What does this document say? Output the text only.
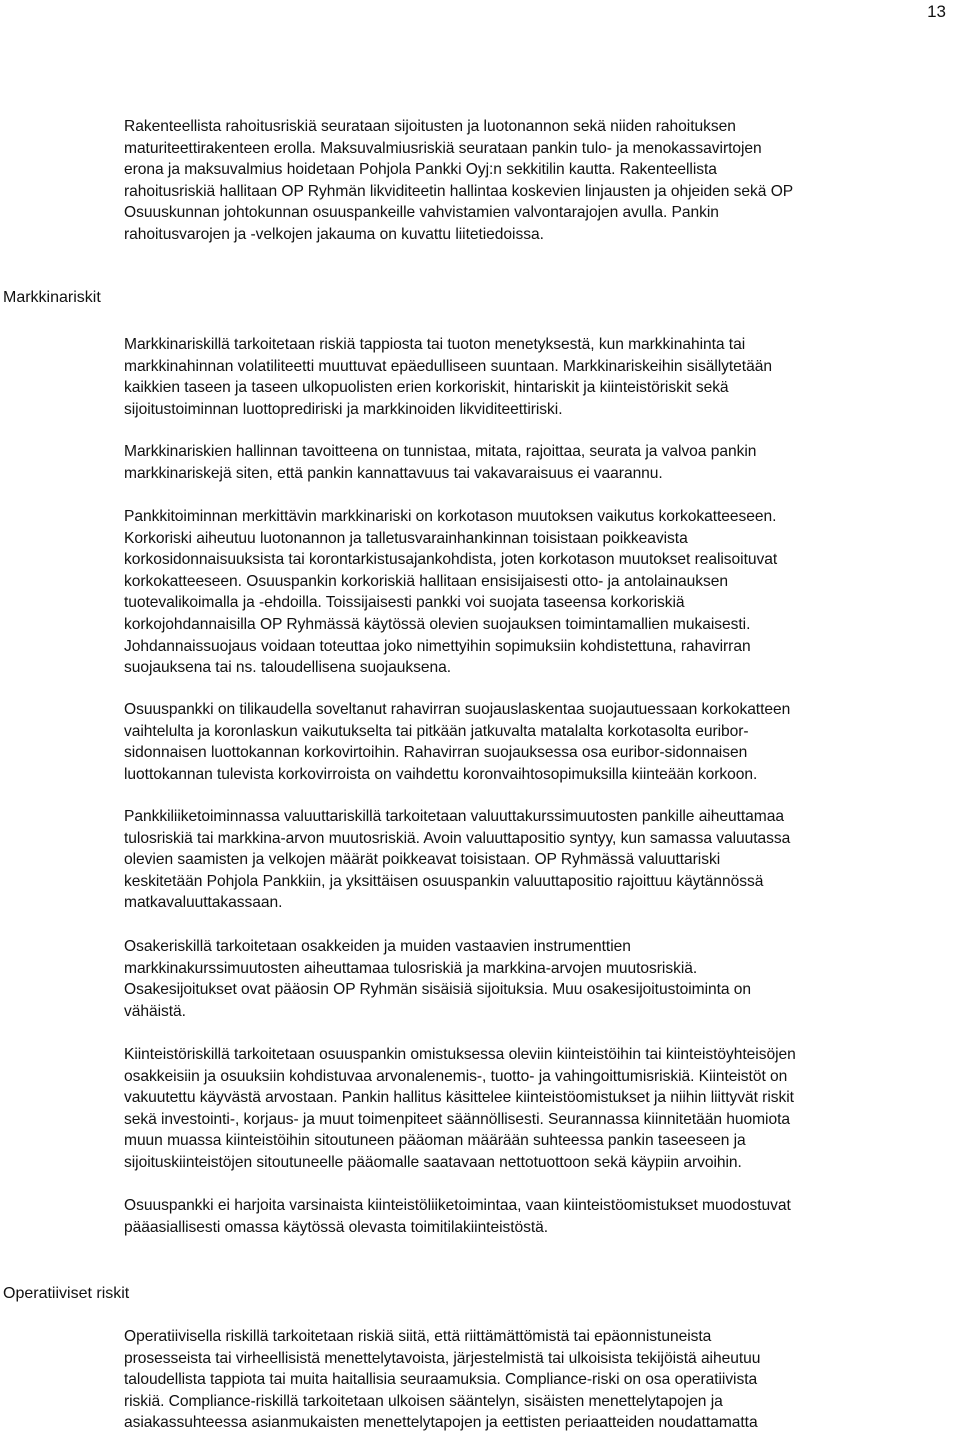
13
Rakenteellista rahoitusriskiä seurataan sijoitusten ja luotonannon sekä niiden rahoituksen
maturiteettirakenteen erolla. Maksuvalmiusriskiä seurataan pankin tulo- ja menokassavirtojen
erona ja maksuvalmius hoidetaan Pohjola Pankki Oyj:n sekkitilin kautta. Rakenteellista
rahoitusriskiä hallitaan OP Ryhmän likviditeetin hallintaa koskevien linjausten ja ohjeiden sekä OP
Osuuskunnan johtokunnan osuuspankeille vahvistamien valvontarajojen avulla. Pankin
rahoitusvarojen ja -velkojen jakauma on kuvattu liitetiedoissa.
Markkinariskit
Markkinariskillä tarkoitetaan riskiä tappiosta tai tuoton menetyksestä, kun markkinahinta tai
markkinahinnan volatiliteetti muuttuvat epäedulliseen suuntaan. Markkinariskeihin sisällytetään
kaikkien taseen ja taseen ulkopuolisten erien korkoriskit, hintariskit ja kiinteistöriskit sekä
sijoitustoiminnan luottoprediriski ja markkinoiden likviditeettiriski.
Markkinariskien hallinnan tavoitteena on tunnistaa, mitata, rajoittaa, seurata ja valvoa pankin
markkinariskejä siten, että pankin kannattavuus tai vakavaraisuus ei vaarannu.
Pankkitoiminnan merkittävin markkinariski on korkotason muutoksen vaikutus korkokatteeseen.
Korkoriski aiheutuu luotonannon ja talletusvarainhankinnan toisistaan poikkeavista
korkosidonnaisuuksista tai korontarkistusajankohdista, joten korkotason muutokset realisoituvat
korkokatteeseen. Osuuspankin korkoriskiä hallitaan ensisijaisesti otto- ja antolainauksen
tuotevalikoimalla ja -ehdoilla. Toissijaisesti pankki voi suojata taseensa korkoriskiä
korkojohdannaisilla OP Ryhmässä käytössä olevien suojauksen toimintamallien mukaisesti.
Johdannaissuojaus voidaan toteuttaa joko nimettyihin sopimuksiin kohdistettuna, rahavirran
suojauksena tai ns. taloudellisena suojauksena.
Osuuspankki on tilikaudella soveltanut rahavirran suojauslaskentaa suojautuessaan korkokatteen
vaihtelulta ja koronlaskun vaikutukselta tai pitkään jatkuvalta matalalta korkotasolta euribor-
sidonnaisen luottokannan korkovirtoihin. Rahavirran suojauksessa osa euribor-sidonnaisen
luottokannan tulevista korkovirroista on vaihdettu koronvaihtosopimuksilla kiinteään korkoon.
Pankkiliiketoiminnassa valuuttariskillä tarkoitetaan valuuttakurssimuutosten pankille aiheuttamaa
tulosriskiä tai markkina-arvon muutosriskiä. Avoin valuuttapositio syntyy, kun samassa valuutassa
olevien saamisten ja velkojen määrät poikkeavat toisistaan. OP Ryhmässä valuuttariski
keskitetään Pohjola Pankkiin, ja yksittäisen osuuspankin valuuttapositio rajoittuu käytännössä
matkavaluuttakassaan.
Osakeriskillä tarkoitetaan osakkeiden ja muiden vastaavien instrumenttien
markkinakurssimuutosten aiheuttamaa tulosriskiä ja markkina-arvojen muutosriskiä.
Osakesijoitukset ovat pääosin OP Ryhmän sisäisiä sijoituksia. Muu osakesijoitustoiminta on
vähäistä.
Kiinteistöriskillä tarkoitetaan osuuspankin omistuksessa oleviin kiinteistöihin tai kiinteistöyhteisöjen
osakkeisiin ja osuuksiin kohdistuvaa arvonalenemis-, tuotto- ja vahingoittumisriskiä. Kiinteistöt on
vakuutettu käyvästä arvostaan. Pankin hallitus käsittelee kiinteistöomistukset ja niihin liittyvät riskit
sekä investointi-, korjaus- ja muut toimenpiteet säännöllisesti. Seurannassa kiinnitetään huomiota
muun muassa kiinteistöihin sitoutuneen pääoman määrään suhteessa pankin taseeseen ja
sijoituskiinteistöjen sitoutuneelle pääomalle saatavaan nettotuottoon sekä käypiin arvoihin.
Osuuspankki ei harjoita varsinaista kiinteistöliiketoimintaa, vaan kiinteistöomistukset muodostuvat
pääasiallisesti omassa käytössä olevasta toimitilakiinteistöstä.
Operatiiviset riskit
Operatiivisella riskillä tarkoitetaan riskiä siitä, että riittämättömistä tai epäonnistuneista
prosesseista tai virheellisistä menettelytavoista, järjestelmistä tai ulkoisista tekijöistä aiheutuu
taloudellista tappiota tai muita haitallisia seuraamuksia. Compliance-riski on osa operatiivista
riskiä. Compliance-riskillä tarkoitetaan ulkoisen sääntelyn, sisäisten menettelytapojen ja
asiakassuhteessa asianmukaisten menettelytapojen ja eettisten periaatteiden noudattamatta
